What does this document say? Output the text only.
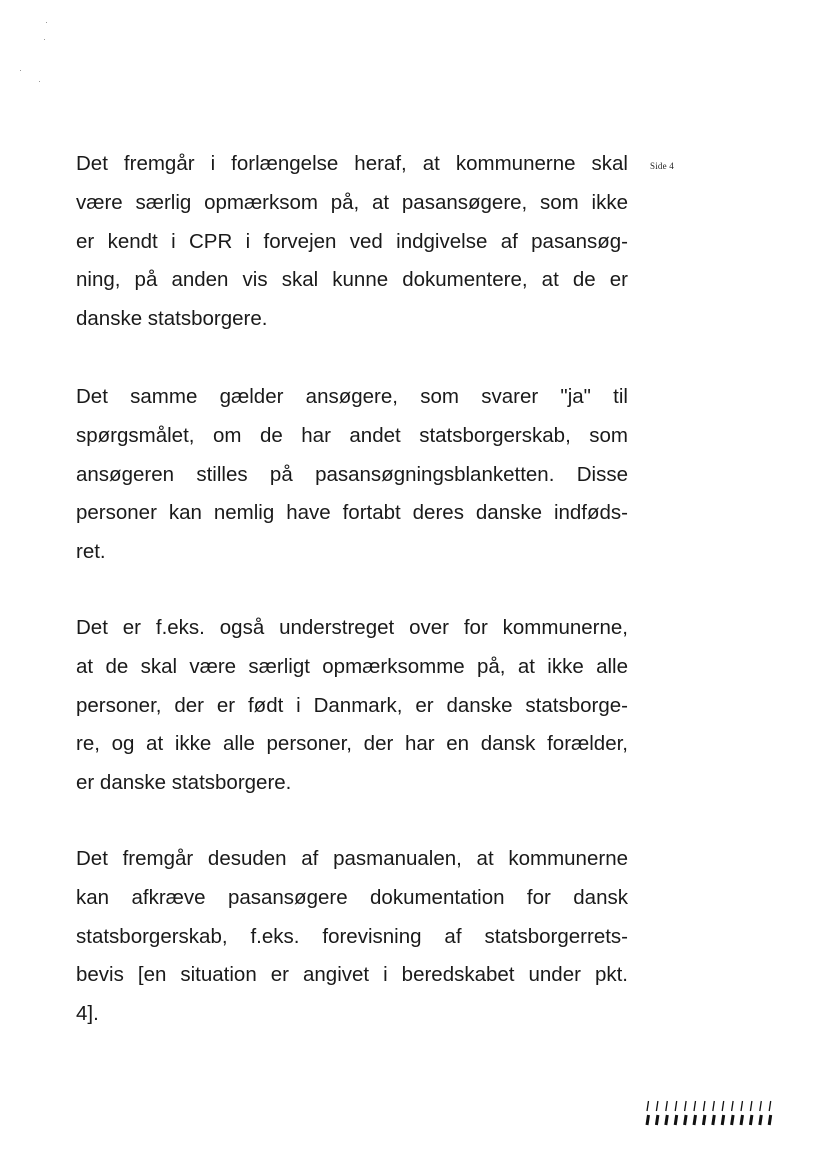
Side 4

Det fremgår i forlængelse heraf, at kommunerne skal
være særlig opmærksom på, at pasansøgere, som ikke
er kendt i CPR i forvejen ved indgivelse af pasansøg-
ning, på anden vis skal kunne dokumentere, at de er
danske statsborgere.

Det samme gælder ansøgere, som svarer "ja" til
spørgsmålet, om de har andet statsborgerskab, som
ansøgeren stilles på pasansøgningsblanketten. Disse
personer kan nemlig have fortabt deres danske indføds-
ret.

Det er f.eks. også understreget over for kommunerne,
at de skal være særligt opmærksomme på, at ikke alle
personer, der er født i Danmark, er danske statsborge-
re, og at ikke alle personer, der har en dansk forælder,
er danske statsborgere.

Det fremgår desuden af pasmanualen, at kommunerne
kan afkræve pasansøgere dokumentation for dansk
statsborgerskab, f.eks. forevisning af statsborgerrets-
bevis [en situation er angivet i beredskabet under pkt.
4].
